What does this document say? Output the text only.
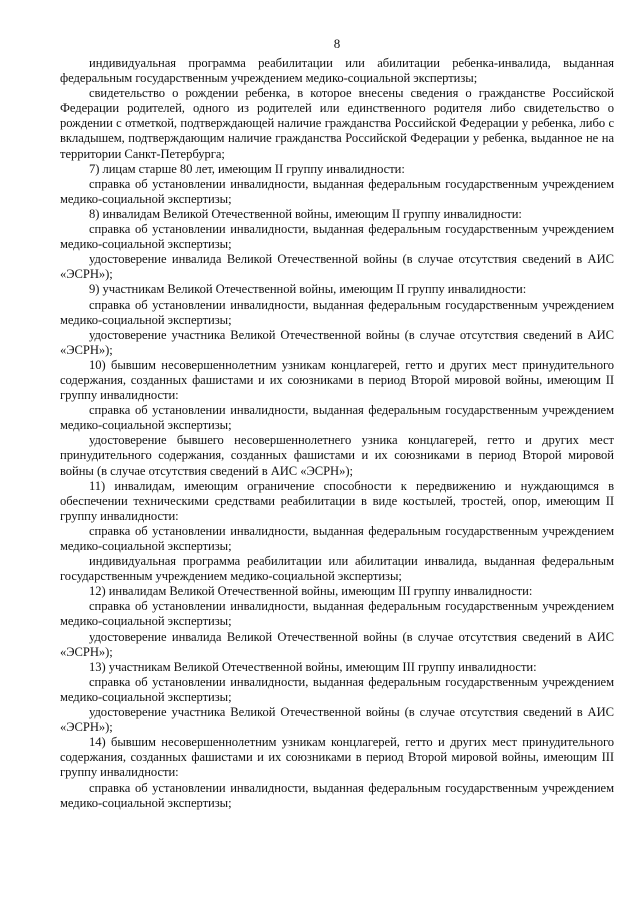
8

индивидуальная программа реабилитации или абилитации ребенка-инвалида, выданная федеральным государственным учреждением медико-социальной экспертизы;

свидетельство о рождении ребенка, в которое внесены сведения о гражданстве Российской Федерации родителей, одного из родителей или единственного родителя либо свидетельство о рождении с отметкой, подтверждающей наличие гражданства Российской Федерации у ребенка, либо с вкладышем, подтверждающим наличие гражданства Российской Федерации у ребенка, выданное не на территории Санкт-Петербурга;

7) лицам старше 80 лет, имеющим II группу инвалидности:

справка об установлении инвалидности, выданная федеральным государственным учреждением медико-социальной экспертизы;

8) инвалидам Великой Отечественной войны, имеющим II группу инвалидности:

справка об установлении инвалидности, выданная федеральным государственным учреждением медико-социальной экспертизы;

удостоверение инвалида Великой Отечественной войны (в случае отсутствия сведений в АИС «ЭСРН»);

9) участникам Великой Отечественной войны, имеющим II группу инвалидности:

справка об установлении инвалидности, выданная федеральным государственным учреждением медико-социальной экспертизы;

удостоверение участника Великой Отечественной войны (в случае отсутствия сведений в АИС «ЭСРН»);

10) бывшим несовершеннолетним узникам концлагерей, гетто и других мест принудительного содержания, созданных фашистами и их союзниками в период Второй мировой войны, имеющим II группу инвалидности:

справка об установлении инвалидности, выданная федеральным государственным учреждением медико-социальной экспертизы;

удостоверение бывшего несовершеннолетнего узника концлагерей, гетто и других мест принудительного содержания, созданных фашистами и их союзниками в период Второй мировой войны (в случае отсутствия сведений в АИС «ЭСРН»);

11) инвалидам, имеющим ограничение способности к передвижению и нуждающимся в обеспечении техническими средствами реабилитации в виде костылей, тростей, опор, имеющим II группу инвалидности:

справка об установлении инвалидности, выданная федеральным государственным учреждением медико-социальной экспертизы;

индивидуальная программа реабилитации или абилитации инвалида, выданная федеральным государственным учреждением медико-социальной экспертизы;

12) инвалидам Великой Отечественной войны, имеющим III группу инвалидности:

справка об установлении инвалидности, выданная федеральным государственным учреждением медико-социальной экспертизы;

удостоверение инвалида Великой Отечественной войны (в случае отсутствия сведений в АИС «ЭСРН»);

13) участникам Великой Отечественной войны, имеющим III группу инвалидности:

справка об установлении инвалидности, выданная федеральным государственным учреждением медико-социальной экспертизы;

удостоверение участника Великой Отечественной войны (в случае отсутствия сведений в АИС «ЭСРН»);

14) бывшим несовершеннолетним узникам концлагерей, гетто и других мест принудительного содержания, созданных фашистами и их союзниками в период Второй мировой войны, имеющим III группу инвалидности:

справка об установлении инвалидности, выданная федеральным государственным учреждением медико-социальной экспертизы;
